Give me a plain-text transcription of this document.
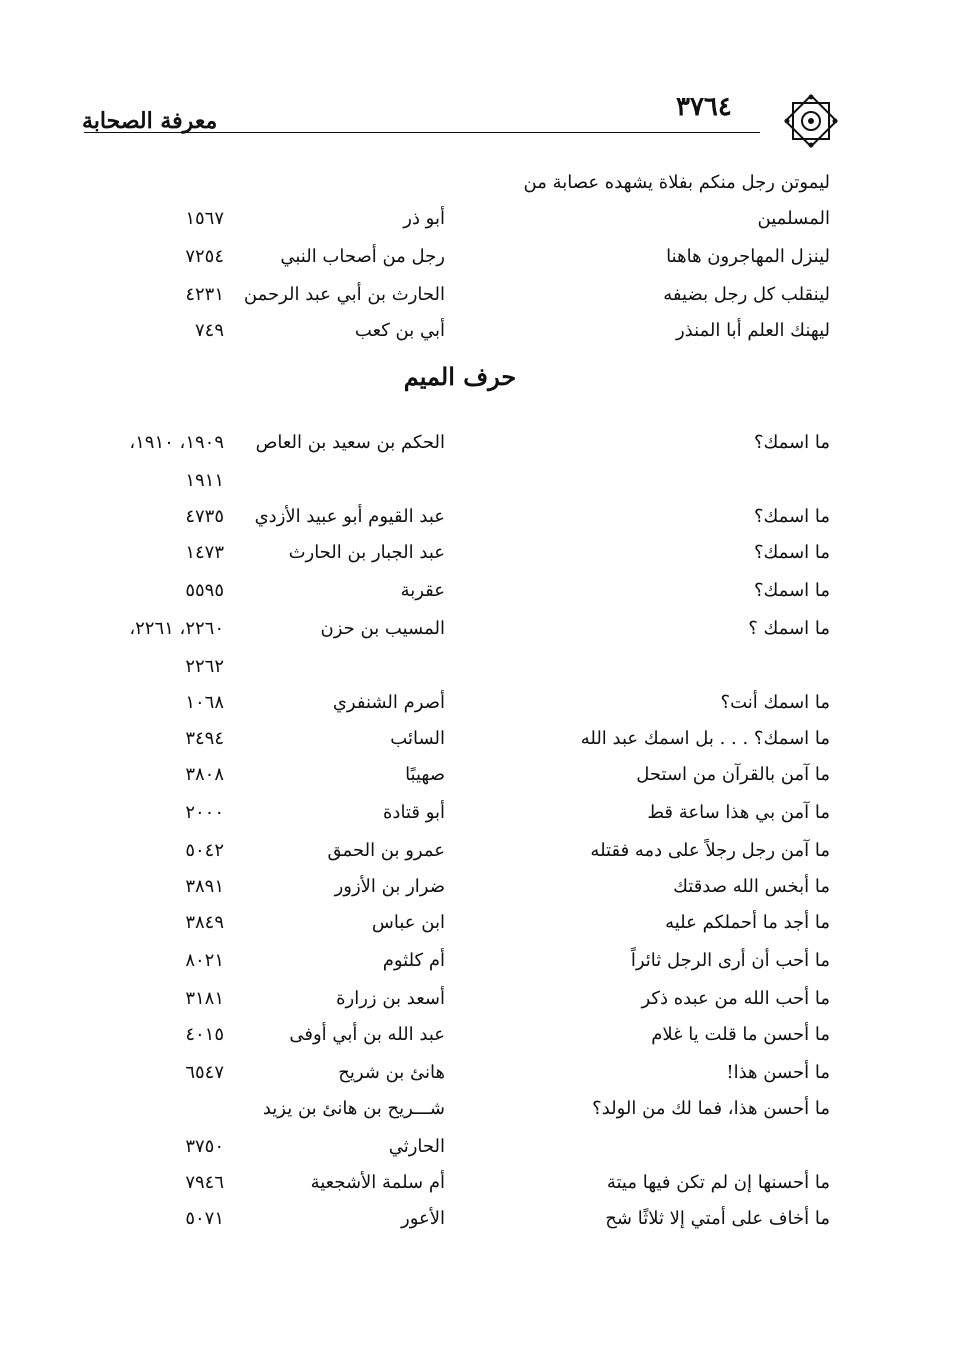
معرفة الصحابة	٣٧٦٤
ليموتن رجل منكم بفلاة يشهده عصابة من
المسلمين
أبو ذر
١٥٦٧
لينزل المهاجرون هاهنا
رجل من أصحاب النبي
٧٢٥٤
لينقلب كل رجل بضيفه
الحارث بن أبي عبد الرحمن
٤٢٣١
ليهنك العلم أبا المنذر
أبي بن كعب
٧٤٩
حرف الميم
ما اسمك؟
الحكم بن سعيد بن العاص
١٩٠٩، ١٩١٠،
١٩١١
ما اسمك؟
عبد القيوم أبو عبيد الأزدي
٤٧٣٥
ما اسمك؟
عبد الجبار بن الحارث
١٤٧٣
ما اسمك؟
عقربة
٥٥٩٥
ما اسمك ؟
المسيب بن حزن
٢٢٦٠، ٢٢٦١،
٢٢٦٢
ما اسمك أنت؟
أصرم الشنفري
١٠٦٨
ما اسمك؟ . . . بل اسمك عبد الله
السائب
٣٤٩٤
ما آمن بالقرآن من استحل
صهيبًا
٣٨٠٨
ما آمن بي هذا ساعة قط
أبو قتادة
٢٠٠٠
ما آمن رجل رجلاً على دمه فقتله
عمرو بن الحمق
٥٠٤٢
ما أبخس الله صدقتك
ضرار بن الأزور
٣٨٩١
ما أجد ما أحملكم عليه
ابن عباس
٣٨٤٩
ما أحب أن أرى الرجل ثائراً
أم كلثوم
٨٠٢١
ما أحب الله من عبده ذكر
أسعد بن زرارة
٣١٨١
ما أحسن ما قلت يا غلام
عبد الله بن أبي أوفى
٤٠١٥
ما أحسن هذا!
هانئ بن شريح
٦٥٤٧
ما أحسن هذا، فما لك من الولد؟
شـــريح بن هانئ بن يزيد
الحارثي
٣٧٥٠
ما أحسنها إن لم تكن فيها ميتة
أم سلمة الأشجعية
٧٩٤٦
ما أخاف على أمتي إلا ثلاثًا شح
الأعور
٥٠٧١
